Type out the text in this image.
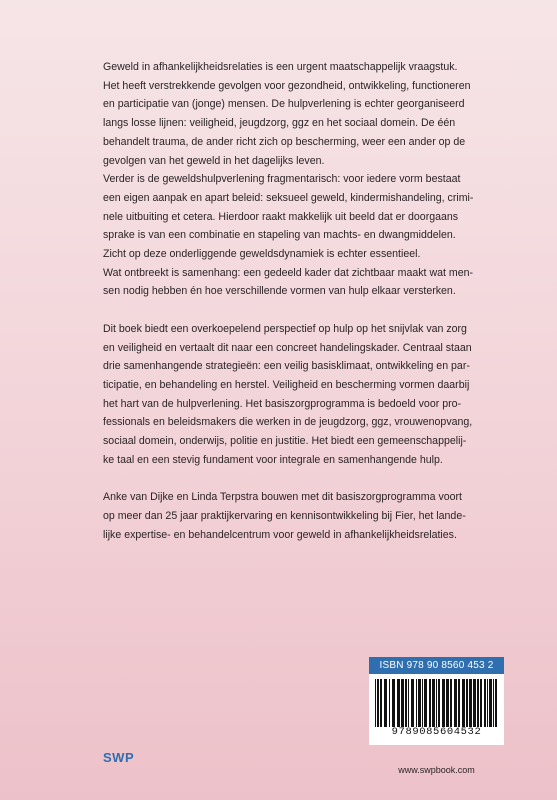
Geweld in afhankelijkheidsrelaties is een urgent maatschappelijk vraagstuk.
Het heeft verstrekkende gevolgen voor gezondheid, ontwikkeling, functioneren
en participatie van (jonge) mensen. De hulpverlening is echter georganiseerd
langs losse lijnen: veiligheid, jeugdzorg, ggz en het sociaal domein. De één
behandelt trauma, de ander richt zich op bescherming, weer een ander op de
gevolgen van het geweld in het dagelijks leven.
Verder is de geweldshulpverlening fragmentarisch: voor iedere vorm bestaat
een eigen aanpak en apart beleid: seksueel geweld, kindermishandeling, crimi-
nele uitbuiting et cetera. Hierdoor raakt makkelijk uit beeld dat er doorgaans
sprake is van een combinatie en stapeling van machts- en dwangmiddelen.
Zicht op deze onderliggende geweldsdynamiek is echter essentieel.
Wat ontbreekt is samenhang: een gedeeld kader dat zichtbaar maakt wat men-
sen nodig hebben én hoe verschillende vormen van hulp elkaar versterken.

Dit boek biedt een overkoepelend perspectief op hulp op het snijvlak van zorg
en veiligheid en vertaalt dit naar een concreet handelingskader. Centraal staan
drie samenhangende strategieën: een veilig basisklimaat, ontwikkeling en par-
ticipatie, en behandeling en herstel. Veiligheid en bescherming vormen daarbij
het hart van de hulpverlening. Het basiszorgprogramma is bedoeld voor pro-
fessionals en beleidsmakers die werken in de jeugdzorg, ggz, vrouwenopvang,
sociaal domein, onderwijs, politie en justitie. Het biedt een gemeenschappelij-
ke taal en een stevig fundament voor integrale en samenhangende hulp.

Anke van Dijke en Linda Terpstra bouwen met dit basiszorgprogramma voort
op meer dan 25 jaar praktijkervaring en kennisontwikkeling bij Fier, het lande-
lijke expertise- en behandelcentrum voor geweld in afhankelijkheidsrelaties.

ISBN 978 90 8560 453 2
9789085604532
SWP
www.swpbook.com
